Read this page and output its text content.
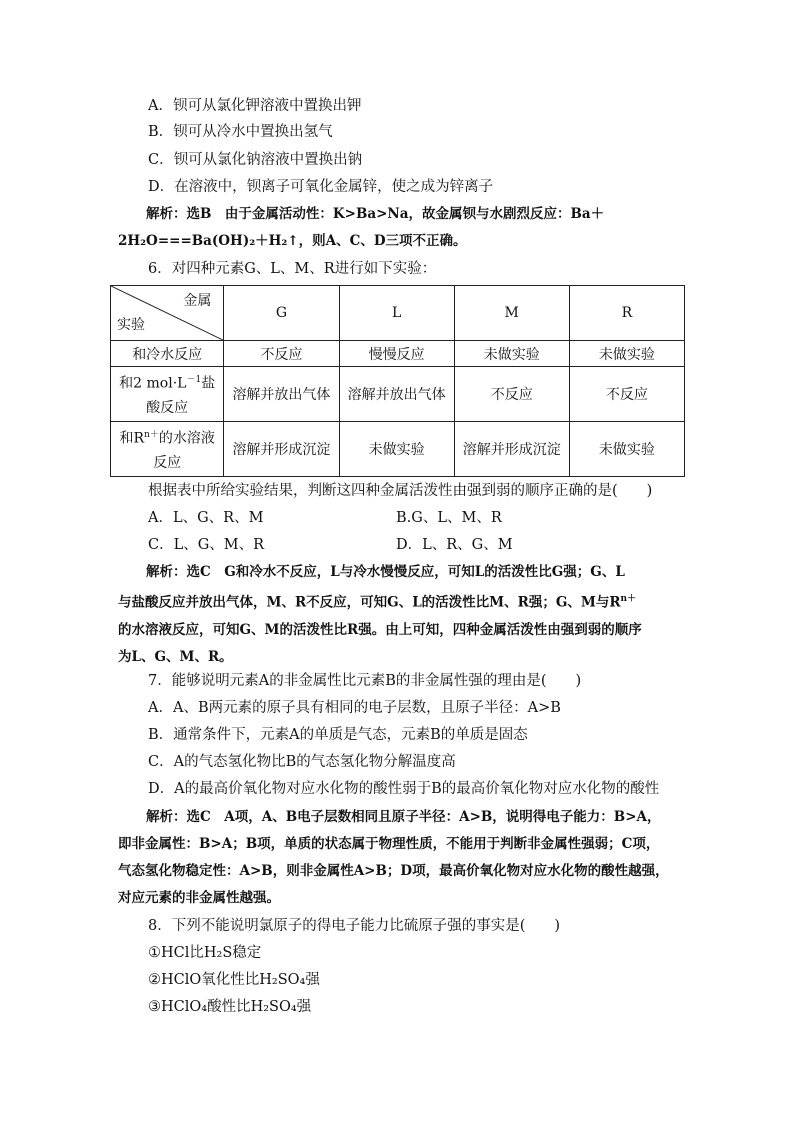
A．钡可从氯化钾溶液中置换出钾
B．钡可从冷水中置换出氢气
C．钡可从氯化钠溶液中置换出钠
D．在溶液中，钡离子可氧化金属锌，使之成为锌离子
解析：选B　由于金属活动性：K>Ba>Na，故金属钡与水剧烈反应：Ba＋
2H₂O===Ba(OH)₂＋H₂↑，则A、C、D三项不正确。
6．对四种元素G、L、M、R进行如下实验：
金属
实验	G	L	M	R
和冷水反应	不反应	慢慢反应	未做实验	未做实验
和2 $mol\cdot L^{-1}$盐
酸反应	溶解并放出气体	溶解并放出气体	不反应	不反应
和$R^{n+}$的水溶液
反应	溶解并形成沉淀	未做实验	溶解并形成沉淀	未做实验
根据表中所给实验结果，判断这四种金属活泼性由强到弱的顺序正确的是(　　)
A．L、G、R、M	B.G、L、M、R
C．L、G、M、R	D．L、R、G、M
解析：选C　G和冷水不反应，L与冷水慢慢反应，可知L的活泼性比G强；G、L
与盐酸反应并放出气体，M、R不反应，可知G、L的活泼性比M、R强；G、M与$R^{n+}$
的水溶液反应，可知G、M的活泼性比R强。由上可知，四种金属活泼性由强到弱的顺序
为L、G、M、R。
7．能够说明元素A的非金属性比元素B的非金属性强的理由是(　　)
A．A、B两元素的原子具有相同的电子层数，且原子半径：A>B
B．通常条件下，元素A的单质是气态，元素B的单质是固态
C．A的气态氢化物比B的气态氢化物分解温度高
D．A的最高价氧化物对应水化物的酸性弱于B的最高价氧化物对应水化物的酸性
解析：选C　A项，A、B电子层数相同且原子半径：A>B，说明得电子能力：B>A，
即非金属性：B>A；B项，单质的状态属于物理性质，不能用于判断非金属性强弱；C项，
气态氢化物稳定性：A>B，则非金属性A>B；D项，最高价氧化物对应水化物的酸性越强，
对应元素的非金属性越强。
8．下列不能说明氯原子的得电子能力比硫原子强的事实是(　　)
①HCl比H₂S稳定
②HClO氧化性比H₂SO₄强
③HClO₄酸性比H₂SO₄强
